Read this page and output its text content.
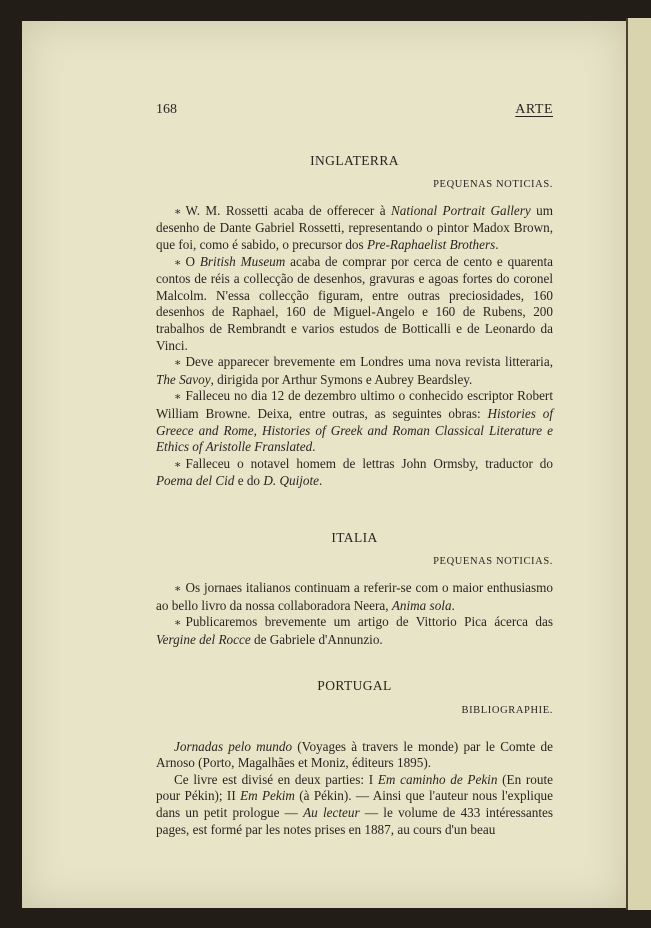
168	ARTE
INGLATERRA
PEQUENAS NOTICIAS.

∗ W. M. Rossetti acaba de offerecer à National Portrait Gallery um desenho de Dante Gabriel Rossetti, representando o pintor Madox Brown, que foi, como é sabido, o precursor dos Pre-Raphaelist Brothers.

∗ O British Museum acaba de comprar por cerca de cento e quarenta contos de réis a collecção de desenhos, gravuras e agoas fortes do coronel Malcolm. N'essa collecção figuram, entre outras preciosidades, 160 desenhos de Raphael, 160 de Miguel-Angelo e 160 de Rubens, 200 trabalhos de Rembrandt e varios estudos de Botticalli e de Leonardo da Vinci.

∗ Deve apparecer brevemente em Londres uma nova revista litteraria, The Savoy, dirigida por Arthur Symons e Aubrey Beardsley.

∗ Falleceu no dia 12 de dezembro ultimo o conhecido escriptor Robert William Browne. Deixa, entre outras, as seguintes obras: Histories of Greece and Rome, Histories of Greek and Roman Classical Literature e Ethics of Aristolle Franslated.

∗ Falleceu o notavel homem de lettras John Ormsby, traductor do Poema del Cid e do D. Quijote.

ITALIA
PEQUENAS NOTICIAS.

∗ Os jornaes italianos continuam a referir-se com o maior enthusiasmo ao bello livro da nossa collaboradora Neera, Anima sola.

∗ Publicaremos brevemente um artigo de Vittorio Pica ácerca das Vergine del Rocce de Gabriele d'Annunzio.

PORTUGAL
BIBLIOGRAPHIE.

Jornadas pelo mundo (Voyages à travers le monde) par le Comte de Arnoso (Porto, Magalhães et Moniz, éditeurs 1895).

Ce livre est divisé en deux parties: I Em caminho de Pekin (En route pour Pékin); II Em Pekim (à Pékin). — Ainsi que l'auteur nous l'explique dans un petit prologue — Au lecteur — le volume de 433 intéressantes pages, est formé par les notes prises en 1887, au cours d'un beau
